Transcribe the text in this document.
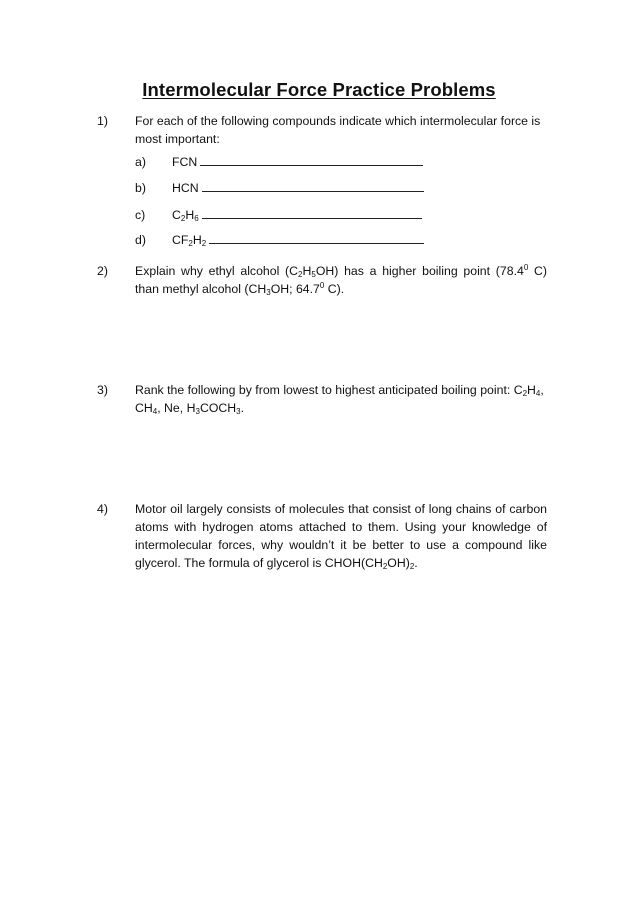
Intermolecular Force Practice Problems
1) For each of the following compounds indicate which intermolecular force is most important:
a) FCN
b) HCN
c) $C_2H_6$
d) $CF_2H_2$
2) Explain why ethyl alcohol $(C_2H_5OH)$ has a higher boiling point (78.4$^0$ C) than methyl alcohol ($CH_3OH$; 64.7$^0$ C).
3) Rank the following by from lowest to highest anticipated boiling point: $C_2H_4$, $CH_4$, Ne, $H_3COCH_3$.
4) Motor oil largely consists of molecules that consist of long chains of carbon atoms with hydrogen atoms attached to them. Using your knowledge of intermolecular forces, why wouldn’t it be better to use a compound like glycerol. The formula of glycerol is $CHOH(CH_2OH)_2$.
